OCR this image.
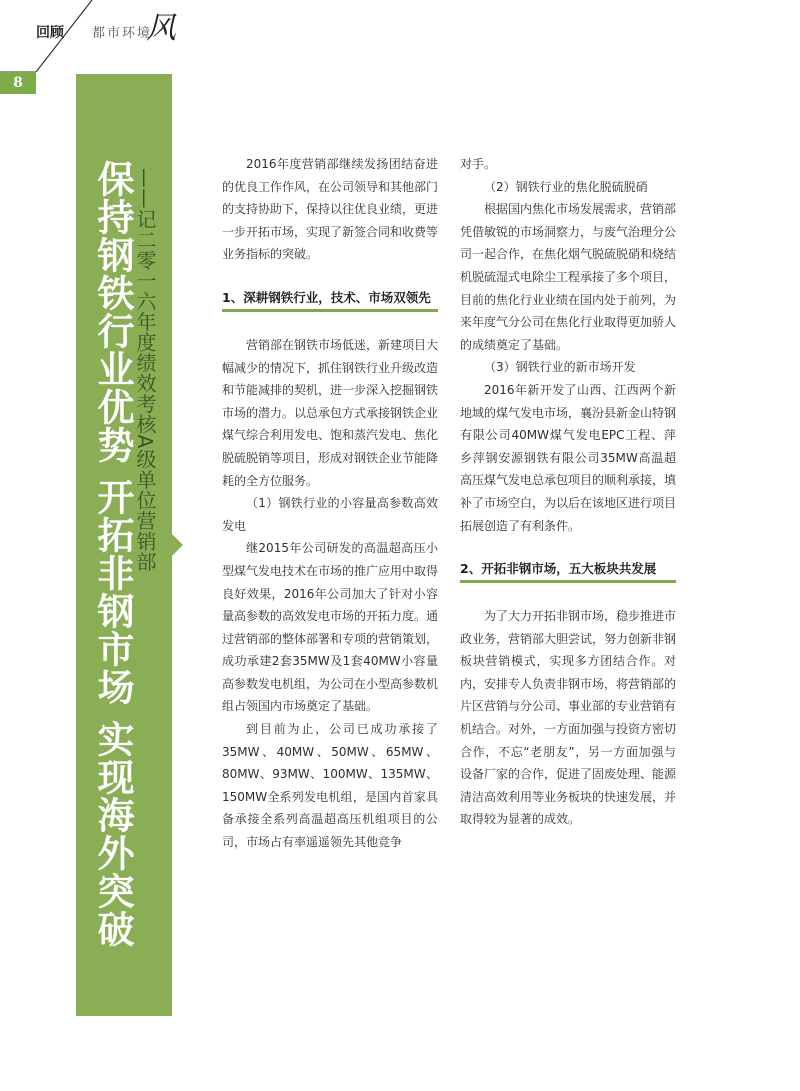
回顾 都市环境
风
8
保持钢铁行业优势 开拓非钢市场 实现海外突破 ——记二零一六年度绩效考核A级单位营销部

2016年度营销部继续发扬团结奋进的优良工作作风，在公司领导和其他部门的支持协助下，保持以往优良业绩，更进一步开拓市场，实现了新签合同和收费等业务指标的突破。

1、深耕钢铁行业，技术、市场双领先

营销部在钢铁市场低迷，新建项目大幅减少的情况下，抓住钢铁行业升级改造和节能减排的契机，进一步深入挖掘钢铁市场的潜力。以总承包方式承接钢铁企业煤气综合利用发电、饱和蒸汽发电、焦化脱硫脱销等项目，形成对钢铁企业节能降耗的全方位服务。

（1）钢铁行业的小容量高参数高效发电

继2015年公司研发的高温超高压小型煤气发电技术在市场的推广应用中取得良好效果，2016年公司加大了针对小容量高参数的高效发电市场的开拓力度。通过营销部的整体部署和专项的营销策划，成功承建2套35MW及1套40MW小容量高参数发电机组，为公司在小型高参数机组占领国内市场奠定了基础。

到目前为止，公司已成功承接了35MW、40MW、50MW、65MW、80MW、93MW、100MW、135MW、150MW全系列发电机组，是国内首家具备承接全系列高温超高压机组项目的公司，市场占有率遥遥领先其他竞争

对手。

（2）钢铁行业的焦化脱硫脱硝

根据国内焦化市场发展需求，营销部凭借敏锐的市场洞察力，与废气治理分公司一起合作，在焦化烟气脱硫脱硝和烧结机脱硫湿式电除尘工程承接了多个项目，目前的焦化行业业绩在国内处于前列，为来年度气分公司在焦化行业取得更加骄人的成绩奠定了基础。

（3）钢铁行业的新市场开发

2016年新开发了山西、江西两个新地域的煤气发电市场，襄汾县新金山特钢有限公司40MW煤气发电EPC工程、萍乡萍钢安源钢铁有限公司35MW高温超高压煤气发电总承包项目的顺利承接，填补了市场空白，为以后在该地区进行项目拓展创造了有利条件。

2、开拓非钢市场，五大板块共发展

为了大力开拓非钢市场，稳步推进市政业务，营销部大胆尝试，努力创新非钢板块营销模式，实现多方团结合作。对内，安排专人负责非钢市场，将营销部的片区营销与分公司、事业部的专业营销有机结合。对外，一方面加强与投资方密切合作，不忘“老朋友”，另一方面加强与设备厂家的合作，促进了固废处理、能源清洁高效利用等业务板块的快速发展，并取得较为显著的成效。
